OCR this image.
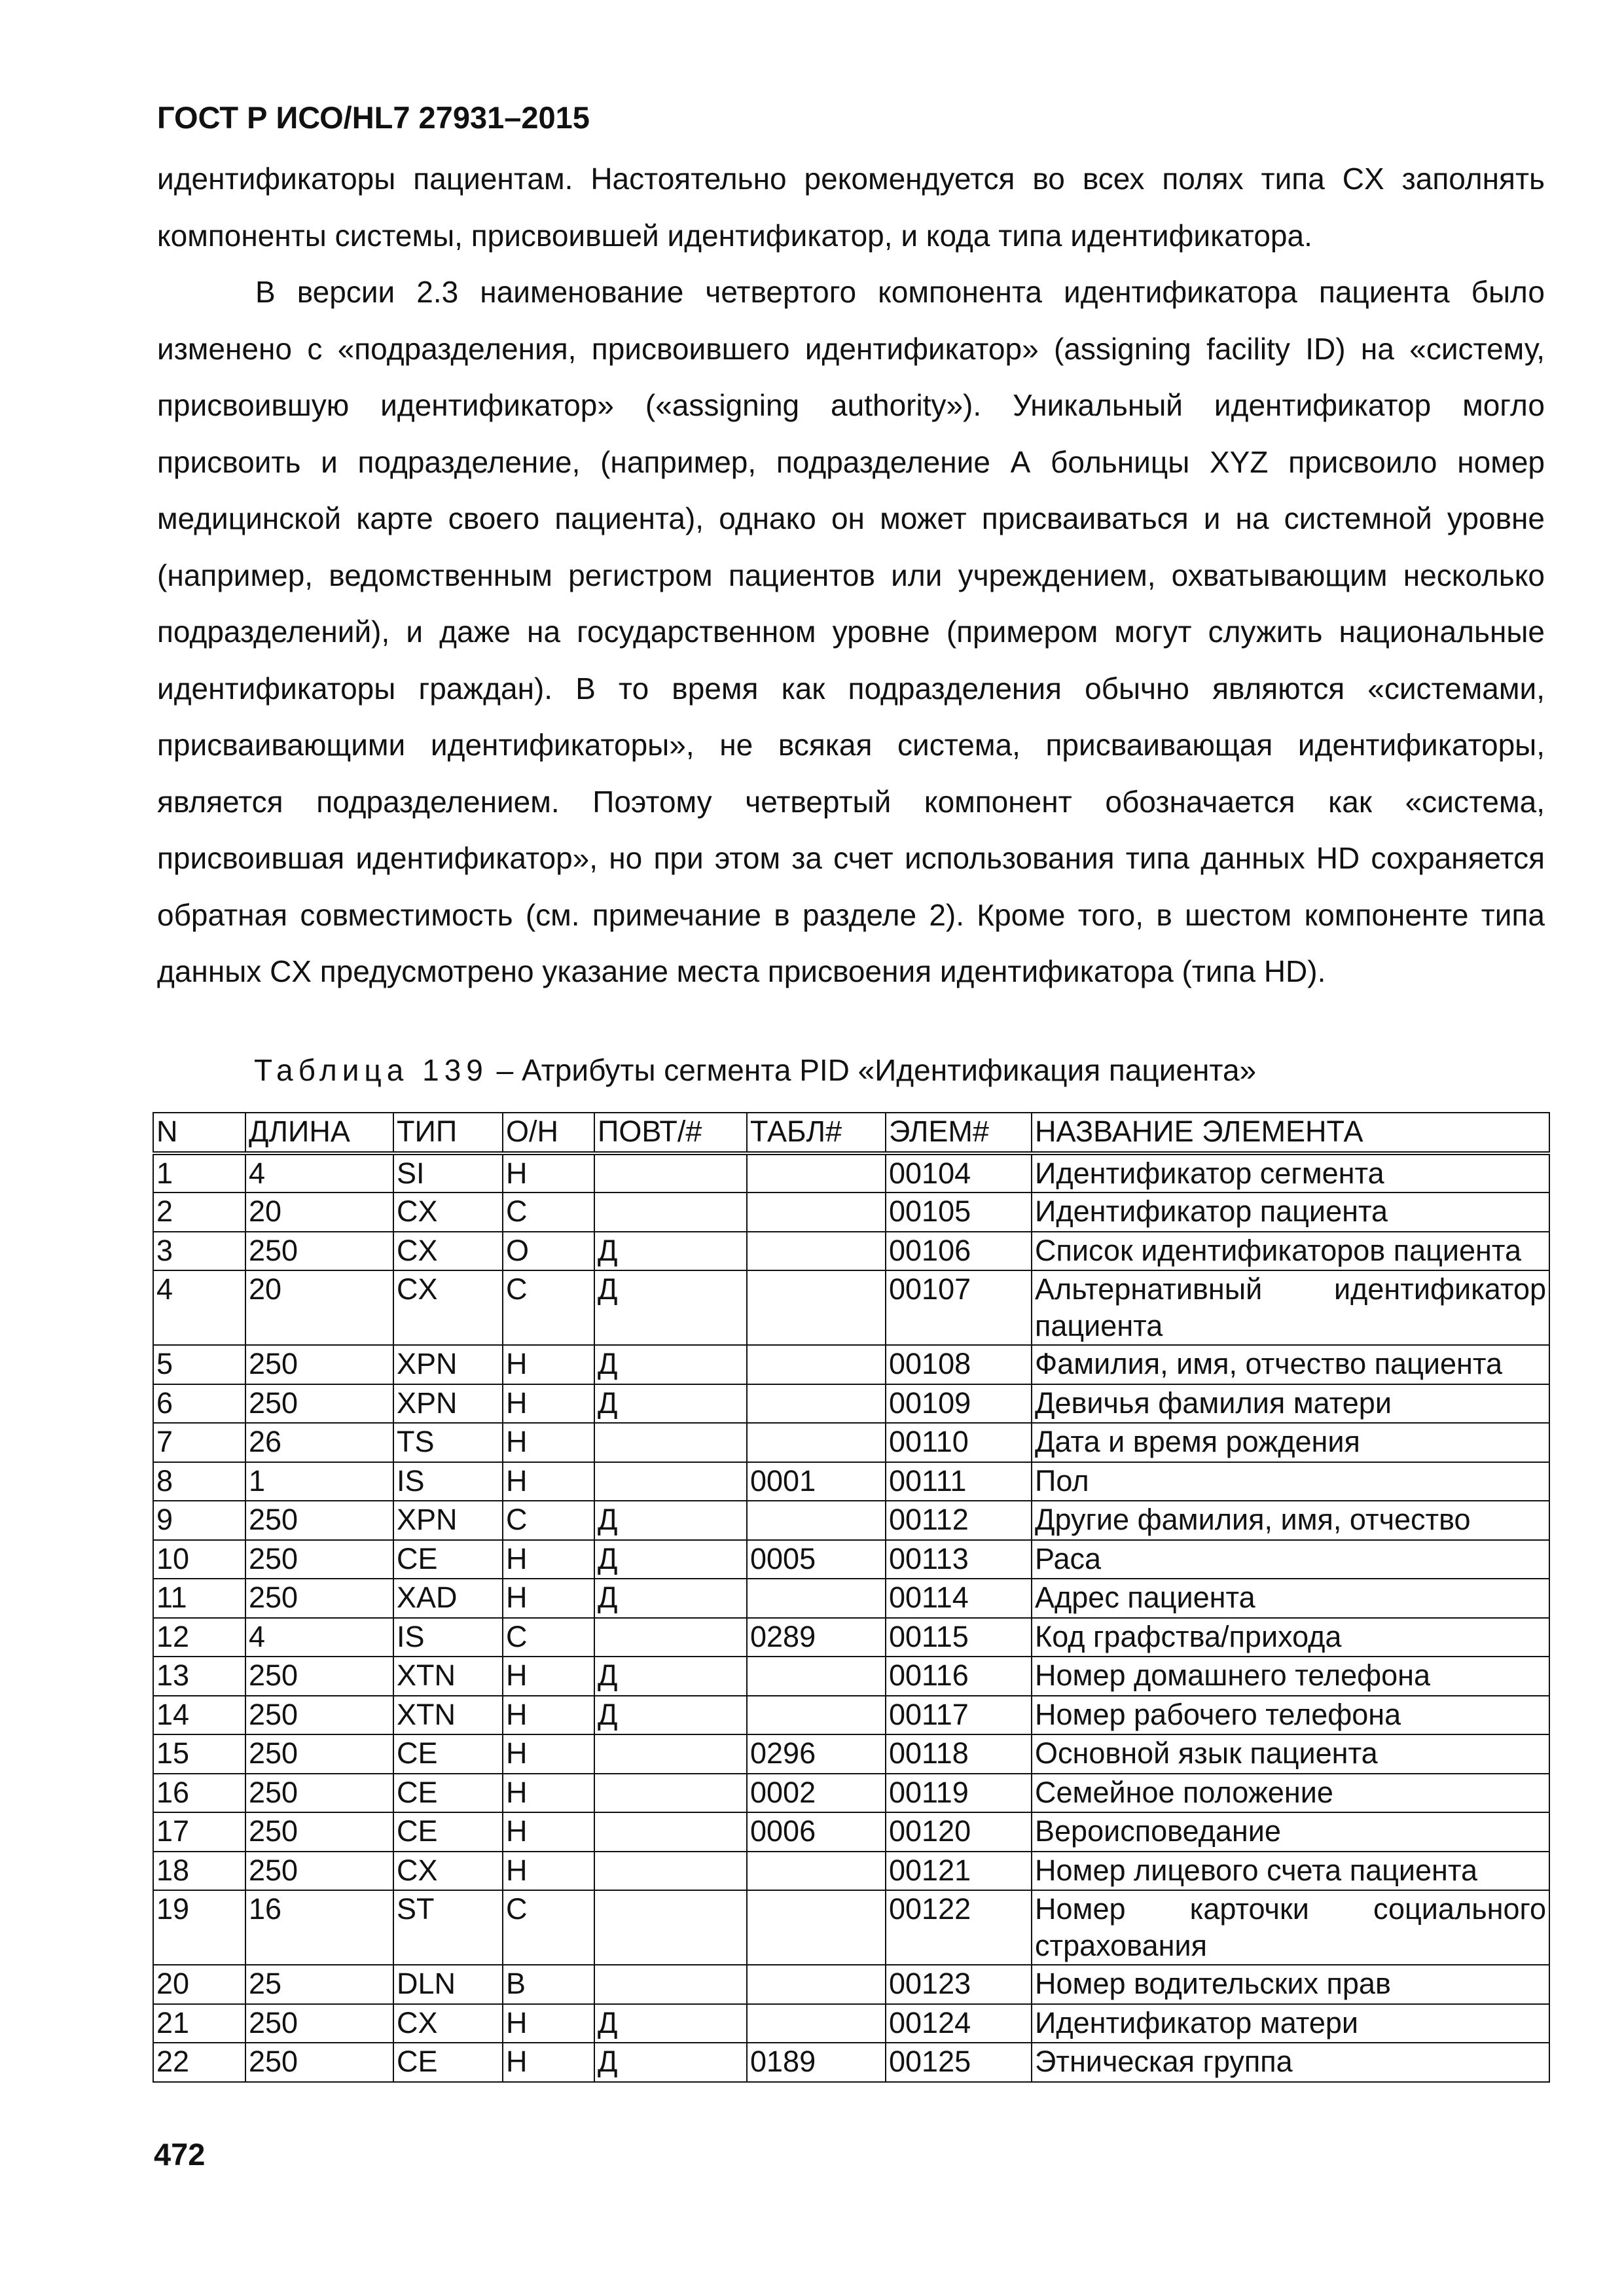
ГОСТ Р ИСО/HL7 27931–2015

идентификаторы пациентам. Настоятельно рекомендуется во всех полях типа CX заполнять компоненты системы, присвоившей идентификатор, и кода типа идентификатора.

В версии 2.3 наименование четвертого компонента идентификатора пациента было изменено с «подразделения, присвоившего идентификатор» (assigning facility ID) на «систему, присвоившую идентификатор» («assigning authority»). Уникальный идентификатор могло присвоить и подразделение, (например, подразделение А больницы XYZ присвоило номер медицинской карте своего пациента), однако он может присваиваться и на системной уровне (например, ведомственным регистром пациентов или учреждением, охватывающим несколько подразделений), и даже на государственном уровне (примером могут служить национальные идентификаторы граждан). В то время как подразделения обычно являются «системами, присваивающими идентификаторы», не всякая система, присваивающая идентификаторы, является подразделением. Поэтому четвертый компонент обозначается как «система, присвоившая идентификатор», но при этом за счет использования типа данных HD сохраняется обратная совместимость (см. примечание в разделе 2). Кроме того, в шестом компоненте типа данных CX предусмотрено указание места присвоения идентификатора (типа HD).

Таблица 139 – Атрибуты сегмента PID «Идентификация пациента»
N	ДЛИНА	ТИП	О/Н	ПОВТ/#	ТАБЛ#	ЭЛЕМ#	НАЗВАНИЕ ЭЛЕМЕНТА
1	4	SI	Н			00104	Идентификатор сегмента
2	20	CX	С			00105	Идентификатор пациента
3	250	CX	О	Д		00106	Список идентификаторов пациента
4	20	CX	С	Д		00107	Альтернативный идентификатор пациента
5	250	XPN	Н	Д		00108	Фамилия, имя, отчество пациента
6	250	XPN	Н	Д		00109	Девичья фамилия матери
7	26	TS	Н			00110	Дата и время рождения
8	1	IS	Н		0001	00111	Пол
9	250	XPN	С	Д		00112	Другие фамилия, имя, отчество
10	250	CE	Н	Д	0005	00113	Раса
11	250	XAD	Н	Д		00114	Адрес пациента
12	4	IS	С		0289	00115	Код графства/прихода
13	250	XTN	Н	Д		00116	Номер домашнего телефона
14	250	XTN	Н	Д		00117	Номер рабочего телефона
15	250	CE	Н		0296	00118	Основной язык пациента
16	250	CE	Н		0002	00119	Семейное положение
17	250	CE	Н		0006	00120	Вероисповедание
18	250	CX	Н			00121	Номер лицевого счета пациента
19	16	ST	С			00122	Номер карточки социального страхования
20	25	DLN	В			00123	Номер водительских прав
21	250	CX	Н	Д		00124	Идентификатор матери
22	250	CE	Н	Д	0189	00125	Этническая группа
472
